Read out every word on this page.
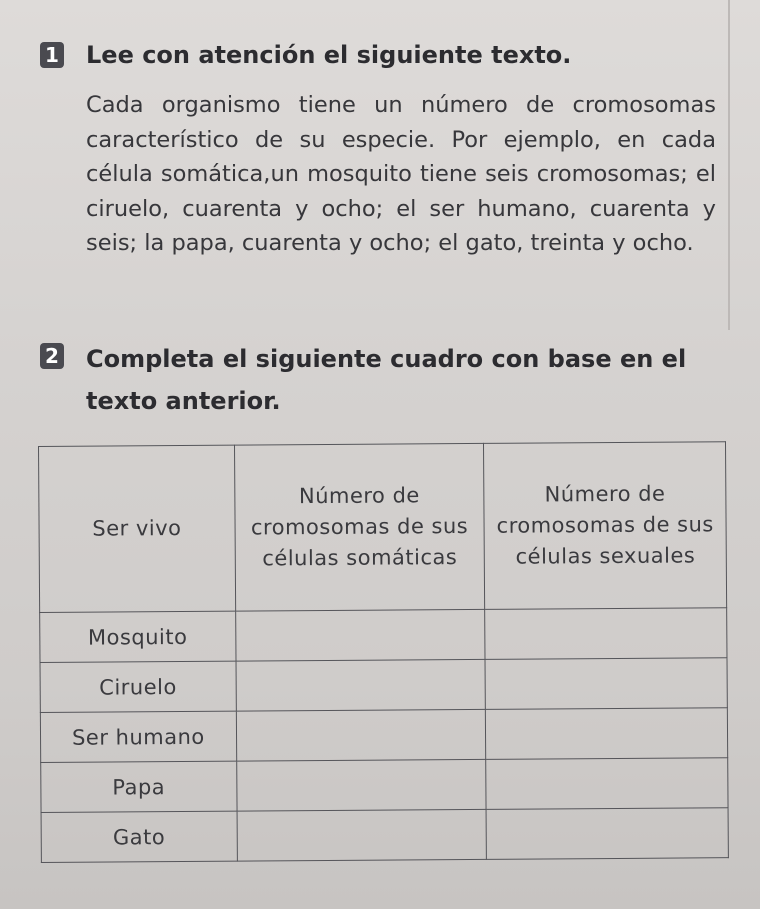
1 Lee con atención el siguiente texto.

Cada organismo tiene un número de cromosomas característico de su especie. Por ejemplo, en cada célula somática,un mosquito tiene seis cromosomas; el ciruelo, cuarenta y ocho; el ser humano, cuarenta y seis; la papa, cuarenta y ocho; el gato, treinta y ocho.

2 Completa el siguiente cuadro con base en el texto anterior.
Ser vivo	Número de cromosomas de sus células somáticas	Número de cromosomas de sus células sexuales
Mosquito		
Ciruelo		
Ser humano		
Papa		
Gato		
